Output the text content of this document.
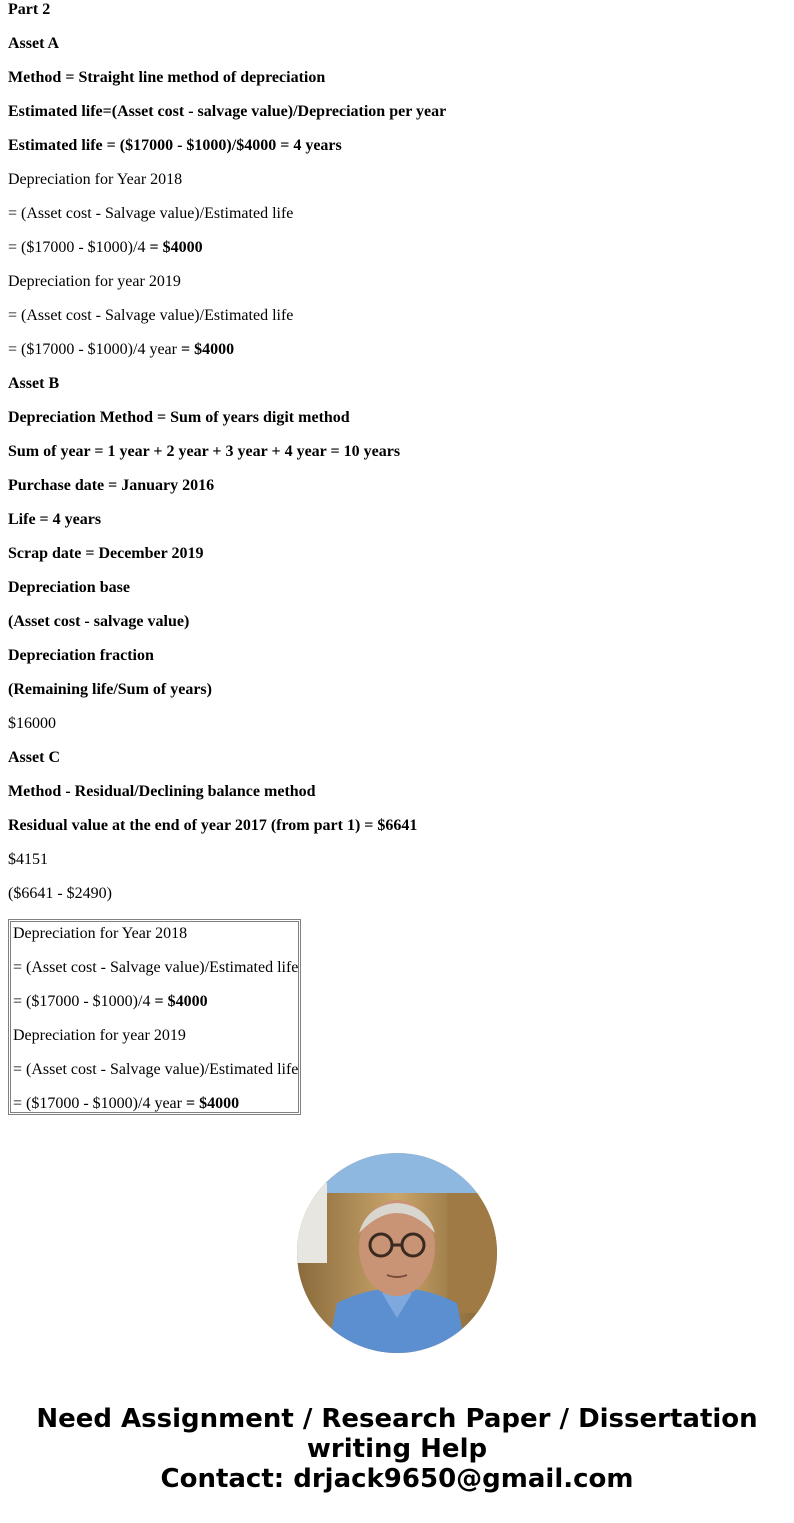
Part 2
Asset A
Method = Straight line method of depreciation
Estimated life=(Asset cost - salvage value)/Depreciation per year
Estimated life = ($17000 - $1000)/$4000 = 4 years
Depreciation for Year 2018
= (Asset cost - Salvage value)/Estimated life
= ($17000 - $1000)/4 = $4000
Depreciation for year 2019
= (Asset cost - Salvage value)/Estimated life
= ($17000 - $1000)/4 year = $4000
Asset B
Depreciation Method = Sum of years digit method
Sum of year = 1 year + 2 year + 3 year + 4 year = 10 years
Purchase date = January 2016
Life = 4 years
Scrap date = December 2019
Depreciation base
(Asset cost - salvage value)
Depreciation fraction
(Remaining life/Sum of years)
$16000
Asset C
Method - Residual/Declining balance method
Residual value at the end of year 2017 (from part 1) = $6641
$4151
($6641 - $2490)
Depreciation for Year 2018
= (Asset cost - Salvage value)/Estimated life
= ($17000 - $1000)/4 = $4000
Depreciation for year 2019
= (Asset cost - Salvage value)/Estimated life
= ($17000 - $1000)/4 year = $4000
Need Assignment / Research Paper / Dissertation
writing Help
Contact: drjack9650@gmail.com
